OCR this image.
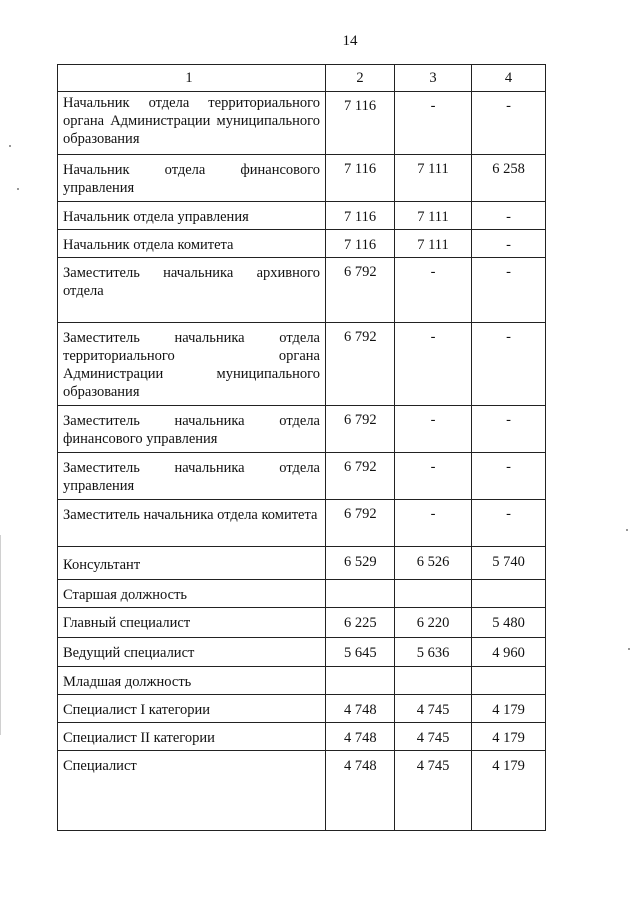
14
1	2	3	4
Начальник отдела территориального органа Администрации муниципального образования	7 116	-	-
Начальник отдела финансового управления	7 116	7 111	6 258
Начальник отдела управления	7 116	7 111	-
Начальник отдела комитета	7 116	7 111	-
Заместитель начальника архивного отдела	6 792	-	-
Заместитель начальника отдела территориального органа Администрации муниципального образования	6 792	-	-
Заместитель начальника отдела финансового управления	6 792	-	-
Заместитель начальника отдела управления	6 792	-	-
Заместитель начальника отдела комитета	6 792	-	-
Консультант	6 529	6 526	5 740
Старшая должность			
Главный специалист	6 225	6 220	5 480
Ведущий специалист	5 645	5 636	4 960
Младшая должность			
Специалист I категории	4 748	4 745	4 179
Специалист II категории	4 748	4 745	4 179
Специалист	4 748	4 745	4 179
